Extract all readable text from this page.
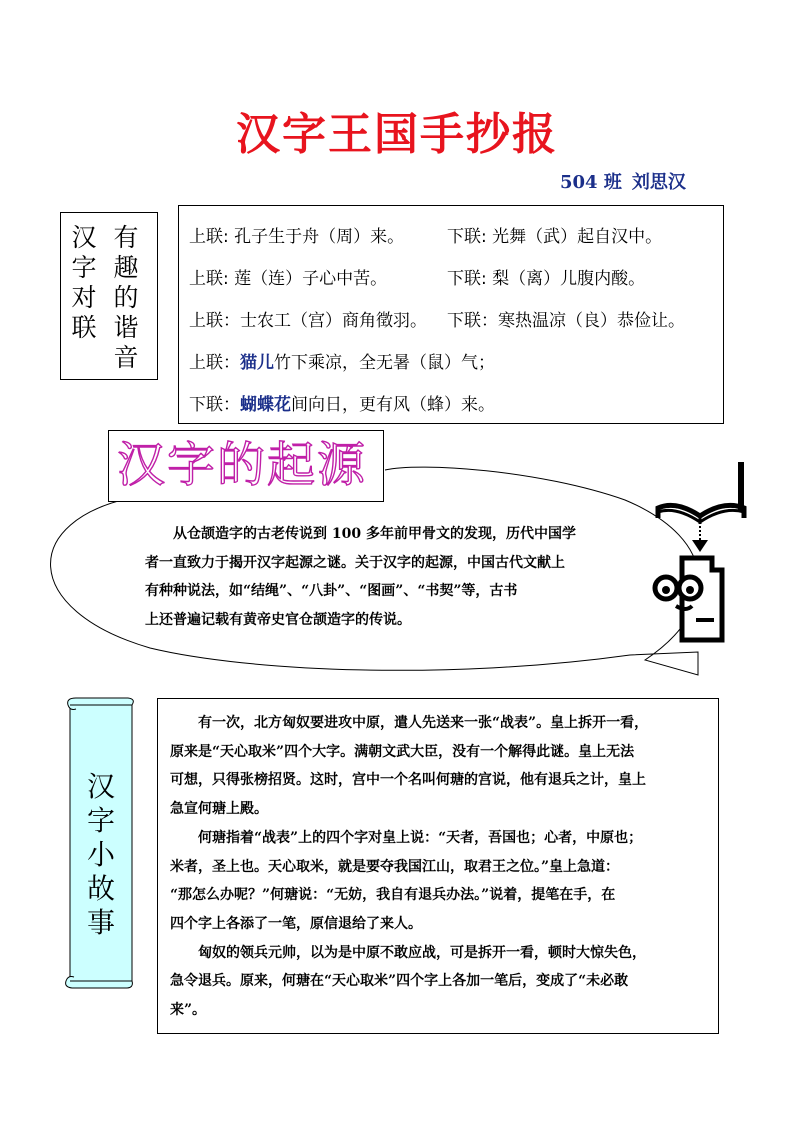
汉字王国手抄报
504 班 刘思汉
汉
字
对
联
有
趣
的
谐
音
上联: 孔子生于舟（周）来。	下联: 光舞（武）起自汉中。
上联: 莲（连）子心中苦。	下联: 梨（离）儿腹内酸。
上联：士农工（宫）商角徵羽。 下联：寒热温凉（良）恭俭让。
上联：猫儿竹下乘凉，全无暑（鼠）气；
下联：蝴蝶花间向日，更有风（蜂）来。
汉字的起源
从仓颉造字的古老传说到 100 多年前甲骨文的发现，历代中国学
者一直致力于揭开汉字起源之谜。关于汉字的起源，中国古代文献上
有种种说法，如“结绳”、“八卦”、“图画”、“书契”等，古书
上还普遍记载有黄帝史官仓颉造字的传说。
汉
字
小
故
事
有一次，北方匈奴要进攻中原，遣人先送来一张“战表”。皇上拆开一看，
原来是“天心取米”四个大字。满朝文武大臣，没有一个解得此谜。皇上无法
可想，只得张榜招贤。这时，宫中一个名叫何瑭的宫说，他有退兵之计，皇上
急宣何瑭上殿。
何瑭指着“战表”上的四个字对皇上说：“天者，吾国也；心者，中原也；
米者，圣上也。天心取米，就是要夺我国江山，取君王之位。”皇上急道：
“那怎么办呢？”何瑭说：“无妨，我自有退兵办法。”说着，提笔在手，在
四个字上各添了一笔，原信退给了来人。
匈奴的领兵元帅，以为是中原不敢应战，可是拆开一看，顿时大惊失色，
急令退兵。原来，何瑭在“天心取米”四个字上各加一笔后，变成了“未必敢
来”。
